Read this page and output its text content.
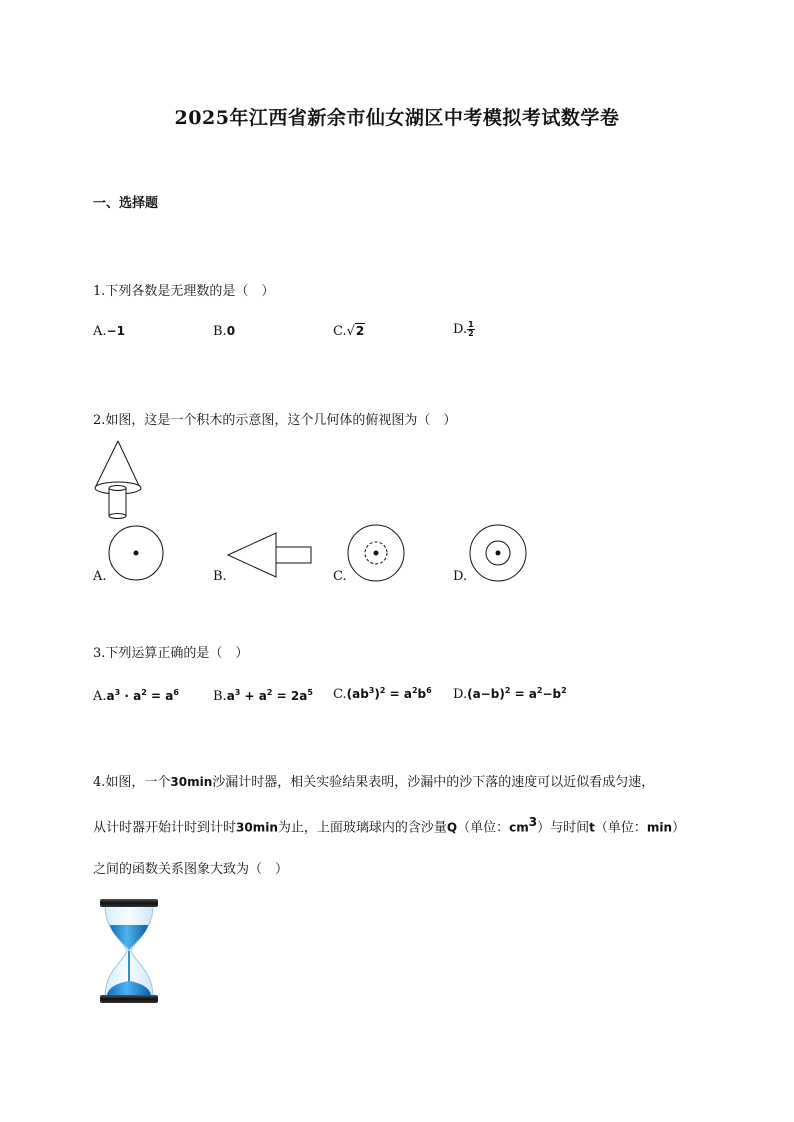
2025年江西省新余市仙女湖区中考模拟考试数学卷
一、选择题
1.下列各数是无理数的是（　）
A.−1	B.0	C.√2	D. $\frac{1}{2}$
2.如图，这是一个积木的示意图，这个几何体的俯视图为（　）
A.	B.	C.	D.
3.下列运算正确的是（　）
$A.a^3 \cdot a^2 = a^6$	$B.a^3 + a^2 = 2a^5$ $C.(ab^3)^2 = a^2b^6$ $D.(a-b)^2 = a^2-b^2$
4.如图，一个30min沙漏计时器，相关实验结果表明，沙漏中的沙下落的速度可以近似看成匀速，
从计时器开始计时到计时30min为止，上面玻璃球内的含沙量Q（单位：$cm^3$）与时间t（单位：min）
之间的函数关系图象大致为（　）
